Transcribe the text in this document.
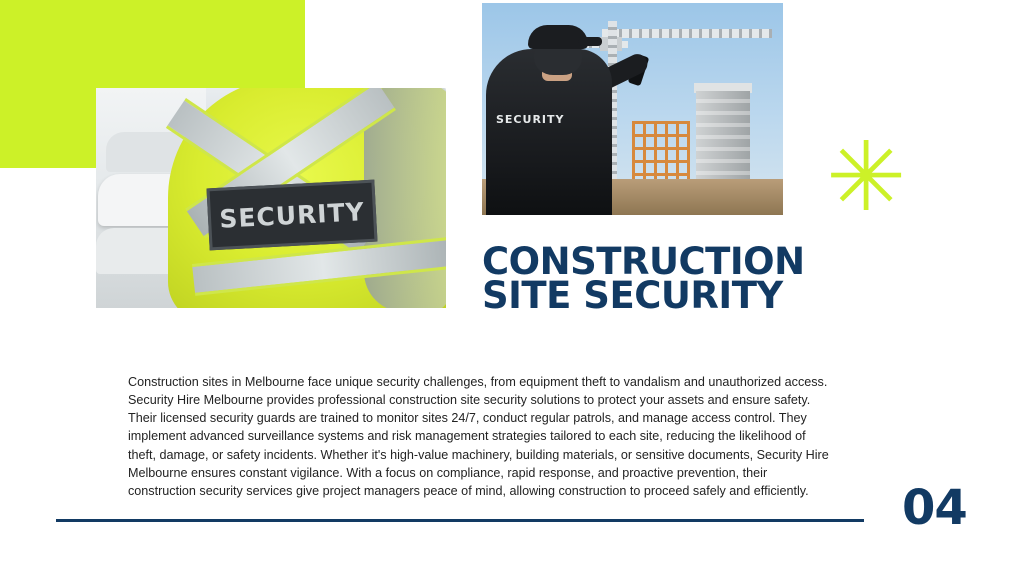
SECURITY
SECURITY
✳
CONSTRUCTION
SITE SECURITY

Construction sites in Melbourne face unique security challenges, from equipment theft to vandalism and unauthorized access. Security Hire Melbourne provides professional construction site security solutions to protect your assets and ensure safety. Their licensed security guards are trained to monitor sites 24/7, conduct regular patrols, and manage access control. They implement advanced surveillance systems and risk management strategies tailored to each site, reducing the likelihood of theft, damage, or safety incidents. Whether it's high-value machinery, building materials, or sensitive documents, Security Hire Melbourne ensures constant vigilance. With a focus on compliance, rapid response, and proactive prevention, their construction security services give project managers peace of mind, allowing construction to proceed safely and efficiently.	04
